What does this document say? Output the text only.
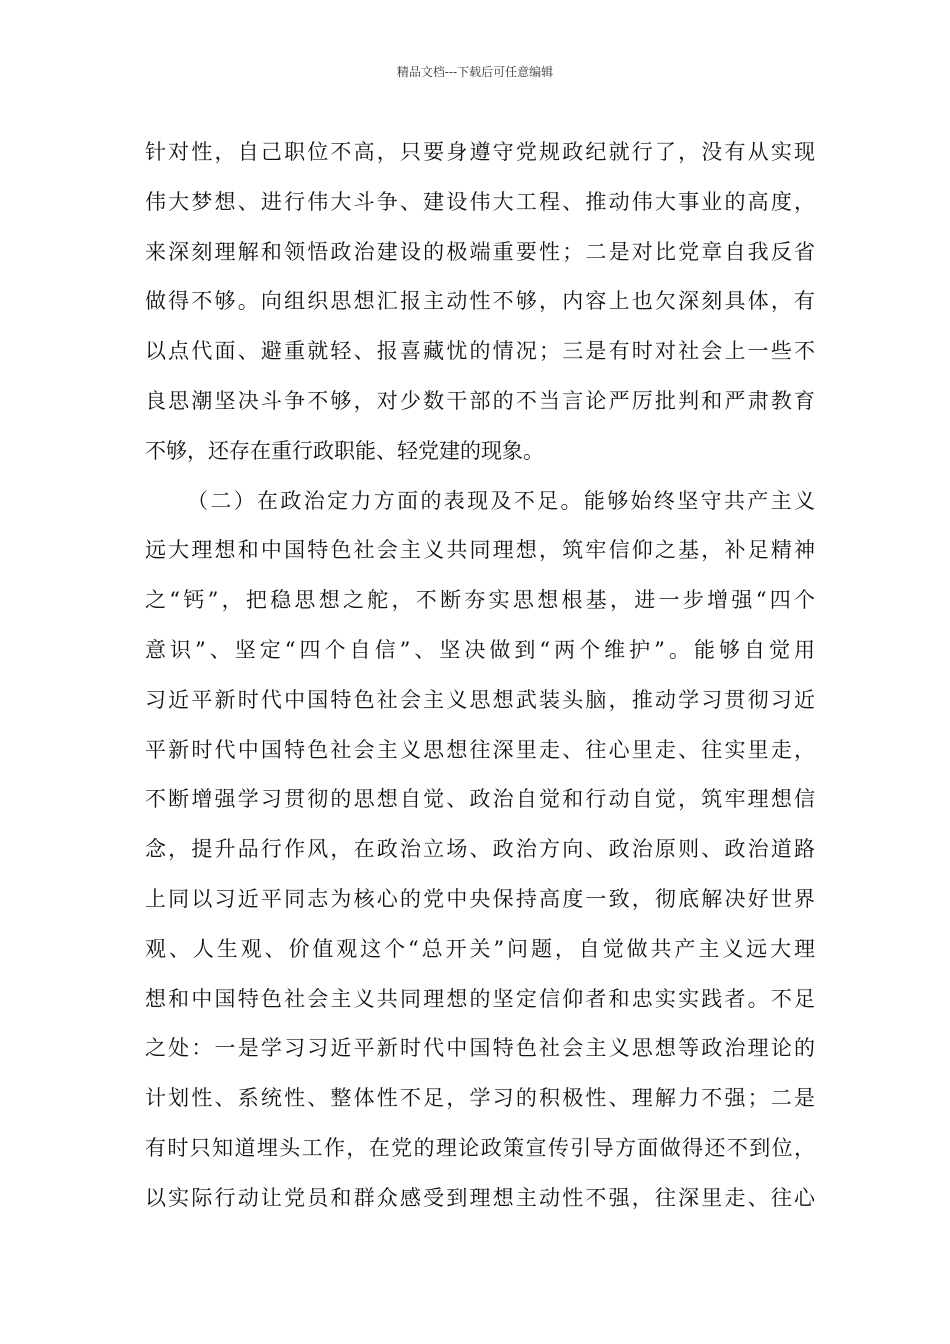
精品文档---下载后可任意编辑
针对性，自己职位不高，只要身遵守党规政纪就行了，没有从实现
伟大梦想、进行伟大斗争、建设伟大工程、推动伟大事业的高度，
来深刻理解和领悟政治建设的极端重要性；二是对比党章自我反省
做得不够。向组织思想汇报主动性不够，内容上也欠深刻具体，有
以点代面、避重就轻、报喜藏忧的情况；三是有时对社会上一些不
良思潮坚决斗争不够，对少数干部的不当言论严厉批判和严肃教育
不够，还存在重行政职能、轻党建的现象。
（二）在政治定力方面的表现及不足。能够始终坚守共产主义
远大理想和中国特色社会主义共同理想，筑牢信仰之基，补足精神
之“钙”，把稳思想之舵，不断夯实思想根基，进一步增强“四个
意识”、坚定“四个自信”、坚决做到“两个维护”。能够自觉用
习近平新时代中国特色社会主义思想武装头脑，推动学习贯彻习近
平新时代中国特色社会主义思想往深里走、往心里走、往实里走，
不断增强学习贯彻的思想自觉、政治自觉和行动自觉，筑牢理想信
念，提升品行作风，在政治立场、政治方向、政治原则、政治道路
上同以习近平同志为核心的党中央保持高度一致，彻底解决好世界
观、人生观、价值观这个“总开关”问题，自觉做共产主义远大理
想和中国特色社会主义共同理想的坚定信仰者和忠实实践者。不足
之处：一是学习习近平新时代中国特色社会主义思想等政治理论的
计划性、系统性、整体性不足，学习的积极性、理解力不强；二是
有时只知道埋头工作，在党的理论政策宣传引导方面做得还不到位，
以实际行动让党员和群众感受到理想主动性不强，往深里走、往心
